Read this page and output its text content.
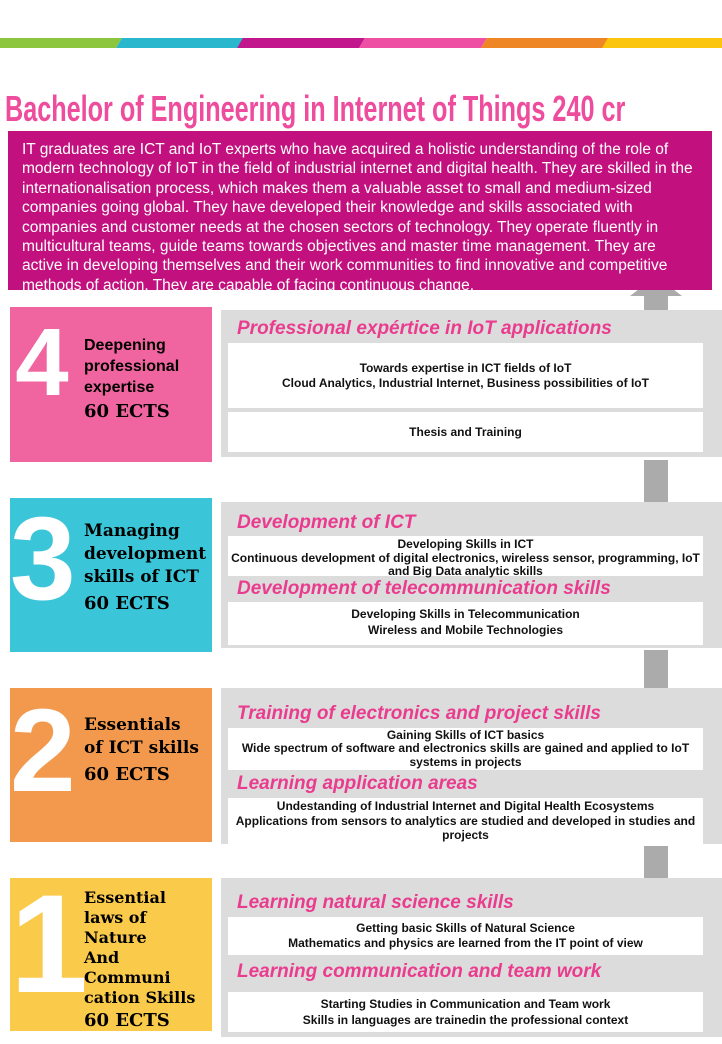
Bachelor of Engineering in Internet of Things 240 cr
IT graduates are ICT and IoT experts who have acquired a holistic understanding of the role of modern technology of IoT in the field of industrial internet and digital health. They are skilled in the internationalisation process, which makes them a valuable asset to small and medium-sized companies going global. They have developed their knowledge and skills associated with companies and customer needs at the chosen sectors of technology. They operate fluently in multicultural teams, guide teams towards objectives and master time management. They are active in developing themselves and their work communities to find innovative and competitive methods of action. They are capable of facing continuous change.
4 Deepening
professional
expertise
60 ECTS
Professional expértice in IoT applications
Towards expertise in ICT fields of IoT
Cloud Analytics, Industrial Internet, Business possibilities of IoT
Thesis and Training
3 Managing
development
skills of ICT
60 ECTS
Development of ICT
Developing Skills in ICT
Continuous development of digital electronics, wireless sensor, programming, IoT and Big Data analytic skills
Development of telecommunication skills
Developing Skills in Telecommunication
Wireless and Mobile Technologies
2 Essentials
of ICT skills
60 ECTS
Training of electronics and project skills
Gaining Skills of ICT basics
Wide spectrum of software and electronics skills are gained and applied to IoT systems in projects
Learning application areas
Undestanding of Industrial Internet and Digital Health Ecosystems
Applications from sensors to analytics are studied and developed in studies and projects
1
Essential
laws of
Nature
And
Communi
cation Skills
60 ECTS
Learning natural science skills
Getting basic Skills of Natural Science
Mathematics and physics are learned from the IT point of view
Learning communication and team work
Starting Studies in Communication and Team work
Skills in languages are trainedin the professional context
